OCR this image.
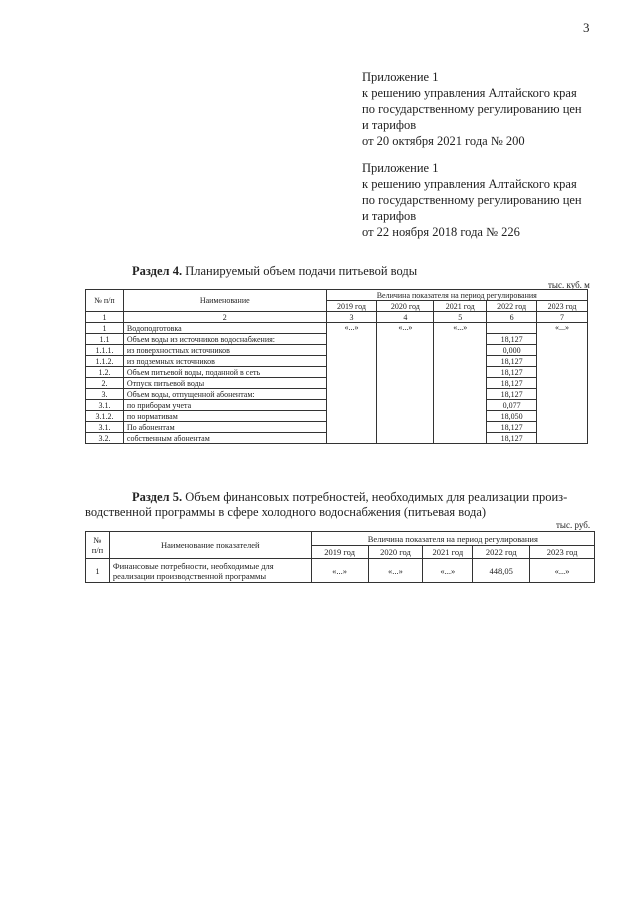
3
Приложение 1
к решению управления Алтайского края
по государственному регулированию цен
и тарифов
от 20 октября 2021 года № 200
Приложение 1
к решению управления Алтайского края
по государственному регулированию цен
и тарифов
от 22 ноября 2018 года № 226
Раздел 4. Планируемый объем подачи питьевой воды
тыс. куб. м
№ п/п	Наименование	Величина показателя на период регулирования				
		2019 год	2020 год	2021 год	2022 год	2023 год
1	2	3	4	5	6	7
1	Водоподготовка	«...»	«...»	«...»		«...»
1.1	Объем воды из источников водоснабжения:				18,127	
1.1.1.	из поверхностных источников				0,000	
1.1.2.	из подземных источников				18,127	
1.2.	Объем питьевой воды, поданной в сеть				18,127	
2.	Отпуск питьевой воды				18,127	
3.	Объем воды, отпущенной абонентам:				18,127	
3.1.	по приборам учета				0,077	
3.1.2.	по нормативам				18,050	
3.1.	По абонентам				18,127	
3.2.	собственным абонентам				18,127	
Раздел 5. Объем финансовых потребностей, необходимых для реализации произ-
водственной программы в сфере холодного водоснабжения (питьевая вода)
тыс. руб.
№ п/п	Наименование показателей	Величина показателя на период регулирования				
		2019 год	2020 год	2021 год	2022 год	2023 год
1	Финансовые потребности, необходимые для
реализации производственной программы	«...»	«...»	«...»	448,05	«...»
